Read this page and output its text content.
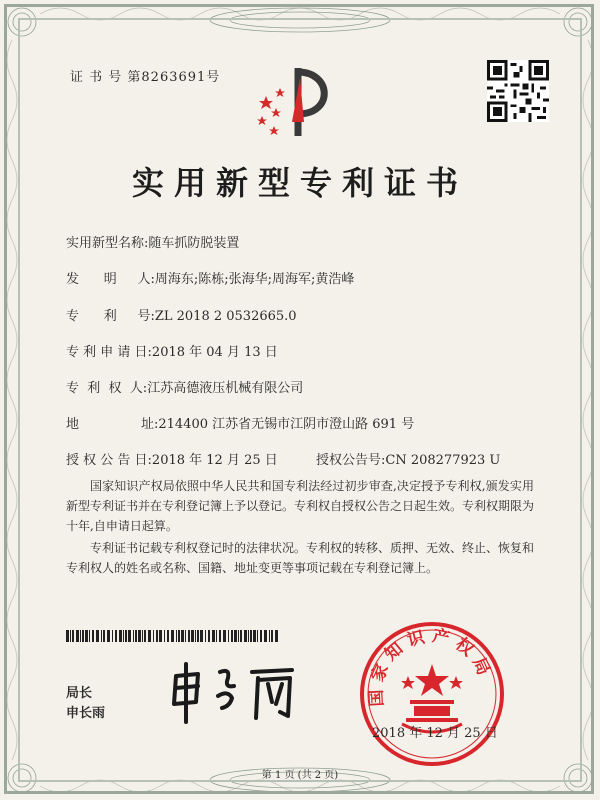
证 书 号 第8263691号
实用新型专利证书
实用新型名称:随车抓防脱装置
发      明     人:周海东;陈栋;张海华;周海军;黄浩峰
专      利     号:ZL 2018 2 0532665.0
专 利 申 请 日:2018 年 04 月 13 日
专  利  权  人:江苏高德液压机械有限公司
地               址:214400 江苏省无锡市江阴市澄山路 691 号
授 权 公 告 日:2018 年 12 月 25 日	授权公告号:CN 208277923 U
国家知识产权局依照中华人民共和国专利法经过初步审查,决定授予专利权,颁发实用新型专利证书并在专利登记簿上予以登记。专利权自授权公告之日起生效。专利权期限为十年,自申请日起算。
专利证书记载专利权登记时的法律状况。专利权的转移、质押、无效、终止、恢复和专利权人的姓名或名称、国籍、地址变更等事项记载在专利登记簿上。
局长
申长雨
国家知识产权局
2018 年 12 月 25 日
第 1 页 (共 2 页)
